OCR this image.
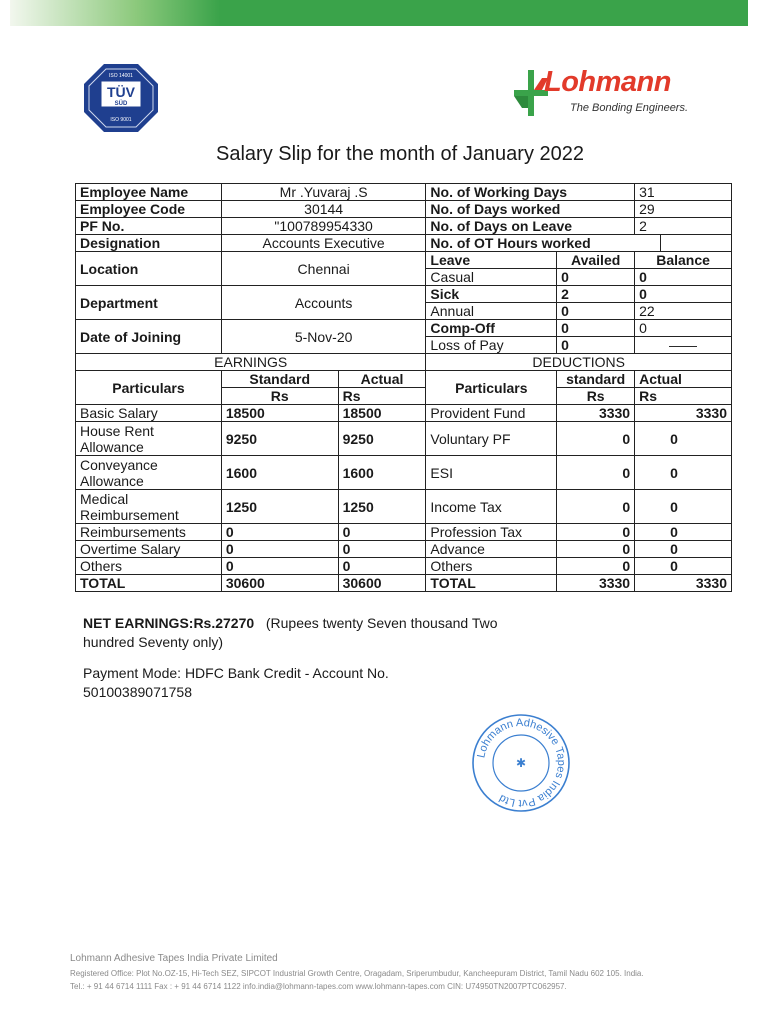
ISO 14001
TÜV
SÜD
ISO 9001
Lohmann
The Bonding Engineers.
Salary Slip for the month of January 2022
Employee Name	Mr .Yuvaraj .S		No. of Working Days		31	
Employee Code	30144		No. of Days worked		29	
PF No.	"100789954330		No. of Days on Leave		2	
Designation	Accounts Executive		No. of OT Hours worked			
Location	Chennai		Leave	Availed	Balance	
			Casual	0	0	
Department	Accounts		Sick	2	0	
			Annual	0	22	
Date of Joining	5-Nov-20		Comp-Off	0	0	
			Loss of Pay	0	——	
EARNINGS			DEDUCTIONS			
Particulars	Standard	Actual	Particulars	standard	Actual	
	Rs	Rs		Rs	Rs	
Basic Salary	18500	18500	Provident Fund	3330	3330	
House Rent Allowance	9250	9250	Voluntary PF	0	0	
Conveyance Allowance	1600	1600	ESI	0	0	
Medical Reimbursement	1250	1250	Income Tax	0	0	
Reimbursements	0	0	Profession Tax	0	0	
Overtime Salary	0	0	Advance	0	0	
Others	0	0	Others	0	0	
TOTAL	30600	30600	TOTAL	3330	3330	
NET EARNINGS:Rs.27270 (Rupees twenty Seven thousand Two hundred Seventy only)
Payment Mode: HDFC Bank Credit - Account No. 50100389071758
Lohmann Adhesive Tapes India Pvt Ltd
✱
Lohmann Adhesive Tapes India Private Limited
Registered Office: Plot No.OZ-15, Hi-Tech SEZ, SIPCOT Industrial Growth Centre, Oragadam, Sriperumbudur, Kancheepuram District, Tamil Nadu 602 105. India.
Tel.: + 91 44 6714 1111 Fax : + 91 44 6714 1122 info.india@lohmann-tapes.com www.lohmann-tapes.com CIN: U74950TN2007PTC062957.
